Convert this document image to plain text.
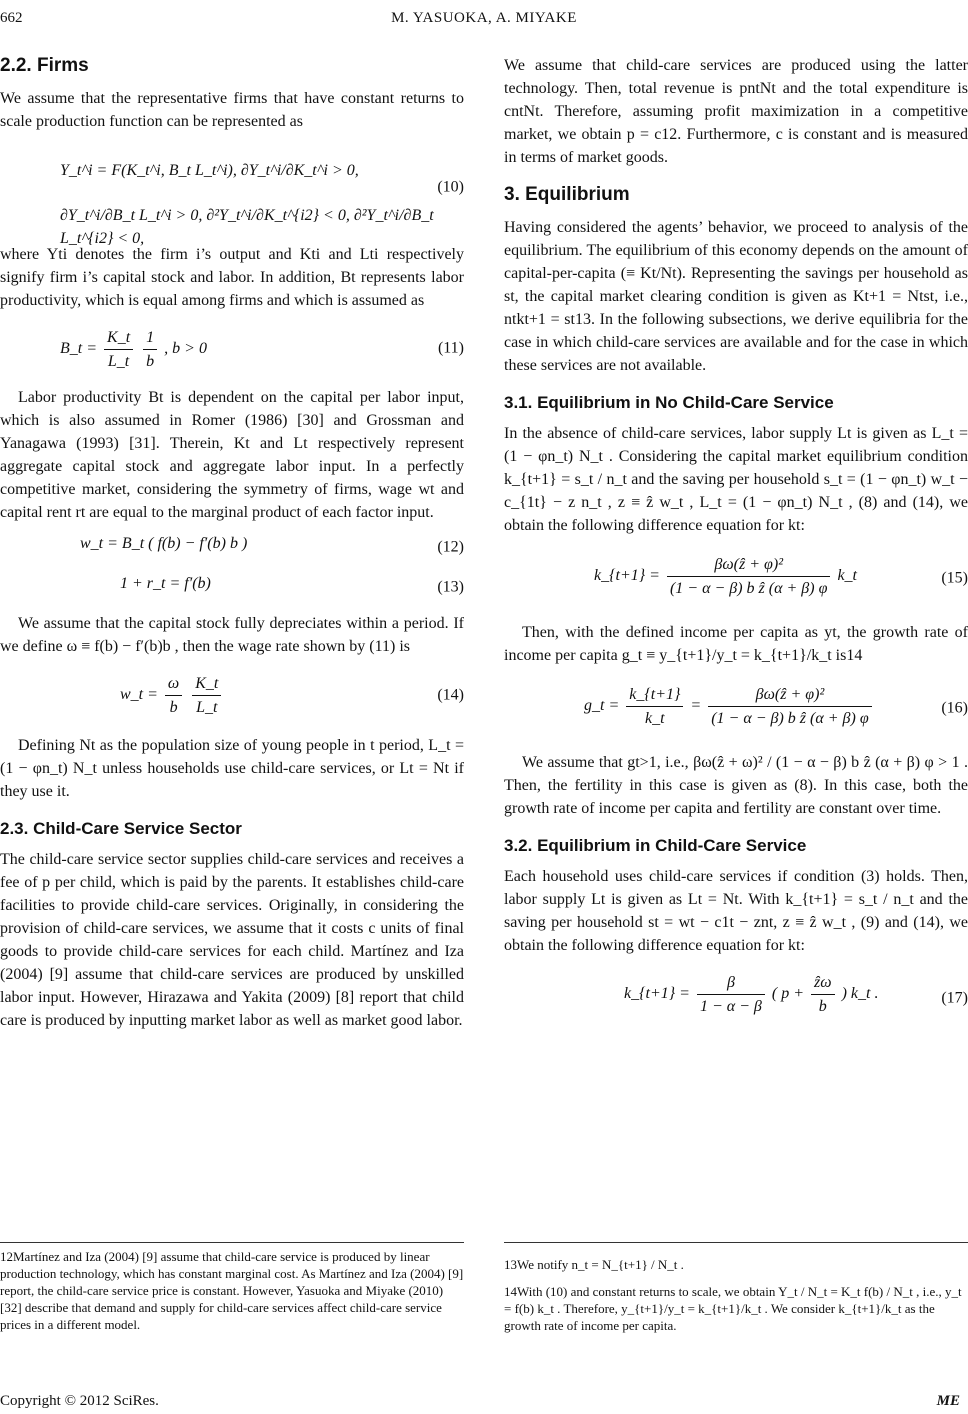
662	M. YASUOKA, A. MIYAKE
2.2. Firms

We assume that the representative firms that have constant returns to scale production function can be represented as

Y_t^i = F(K_t^i, B_t L_t^i), ∂Y_t^i/∂K_t^i > 0,
∂Y_t^i/∂B_t L_t^i > 0, ∂²Y_t^i/∂K_t^{i2} < 0, ∂²Y_t^i/∂B_t L_t^{i2} < 0,
(10)

where Yti denotes the firm i’s output and Kti and Lti respectively signify firm i’s capital stock and labor. In addition, Bt represents labor productivity, which is equal among firms and which is assumed as

B_t = $\frac{K\_t}{L\_t}$
$\frac{1}{b}$ , b > 0	(11)

Labor productivity Bt is dependent on the capital per labor input, which is also assumed in Romer (1986) [30] and Grossman and Yanagawa (1993) [31]. Therein, Kt and Lt respectively represent aggregate capital stock and aggregate labor input. In a perfectly competitive market, considering the symmetry of firms, wage wt and capital rent rt are equal to the marginal product of each factor input.

w_t = B_t ( f(b) − f′(b) b )	(12)
1 + r_t = f′(b)	(13)

We assume that the capital stock fully depreciates within a period. If we define ω ≡ f(b) − f′(b)b , then the wage rate shown by (11) is

w_t = $\frac{\omega}{b}$
$\frac{K\_t}{L\_t}$	(14)

Defining Nt as the population size of young people in t period, L_t = (1 − φn_t) N_t unless households use child-care services, or Lt = Nt if they use it.

2.3. Child-Care Service Sector

The child-care service sector supplies child-care services and receives a fee of p per child, which is paid by the parents. It establishes child-care facilities to provide child-care services. Originally, in considering the provision of child-care services, we assume that it costs c units of final goods to provide child-care services for each child. Martínez and Iza (2004) [9] assume that child-care services are produced by unskilled labor input. However, Hirazawa and Yakita (2009) [8] report that child care is produced by inputting market labor as well as market good labor.

We assume that child-care services are produced using the latter technology. Then, total revenue is pntNt and the total expenditure is cntNt. Therefore, assuming profit maximization in a competitive market, we obtain p = c12. Furthermore, c is constant and is measured in terms of market goods.

3. Equilibrium

Having considered the agents’ behavior, we proceed to analysis of the equilibrium. The equilibrium of this economy depends on the amount of capital-per-capita (≡ Kt/Nt). Representing the savings per household as st, the capital market clearing condition is given as Kt+1 = Ntst, i.e., ntkt+1 = st13. In the following subsections, we derive equilibria for the case in which child-care services are available and for the case in which these services are not available.

3.1. Equilibrium in No Child-Care Service

In the absence of child-care services, labor supply Lt is given as L_t = (1 − φn_t) N_t . Considering the capital market equilibrium condition k_{t+1} = s_t / n_t and the saving per household s_t = (1 − φn_t) w_t − c_{1t} − z n_t , z ≡ ẑ w_t , L_t = (1 − φn_t) N_t , (8) and (14), we obtain the following difference equation for kt:

k_{t+1} = $\frac{\text{βω(ẑ + φ)²}}{\text{(1 − α − β) b ẑ (α + β) φ}}$ k_t	(15)

Then, with the defined income per capita as yt, the growth rate of income per capita g_t ≡ y_{t+1}/y_t = k_{t+1}/k_t is14

g_t = $\frac{k\_\{t+1\}}{k\_t} = \frac{\text{βω(ẑ + φ)²}}{\text{(1 − α − β) b ẑ (α + β) φ}}$	(16)

We assume that gt>1, i.e., βω(ẑ + ω)² / (1 − α − β) b ẑ (α + β) φ > 1 . Then, the fertility in this case is given as (8). In this case, both the growth rate of income per capita and fertility are constant over time.

3.2. Equilibrium in Child-Care Service

Each household uses child-care services if condition (3) holds. Then, labor supply Lt is given as Lt = Nt. With k_{t+1} = s_t / n_t and the saving per household st = wt − c1t − znt, z ≡ ẑ w_t , (9) and (14), we obtain the following difference equation for kt:

k_{t+1} = $\frac{\beta}{1 - \alpha - \beta}$ ( $p + \frac{\text{ẑω}}{b}$ ) k_t .	(17)
12Martínez and Iza (2004) [9] assume that child-care service is produced by linear production technology, which has constant marginal cost. As Martínez and Iza (2004) [9] report, the child-care service price is constant. However, Yasuoka and Miyake (2010) [32] describe that demand and supply for child-care services affect child-care service prices in a different model.
13We notify n_t = N_{t+1} / N_t .
14With (10) and constant returns to scale, we obtain Y_t / N_t = K_t f(b) / N_t , i.e., y_t = f(b) k_t . Therefore, y_{t+1}/y_t = k_{t+1}/k_t . We consider k_{t+1}/k_t as the growth rate of income per capita.
Copyright © 2012 SciRes.	ME
